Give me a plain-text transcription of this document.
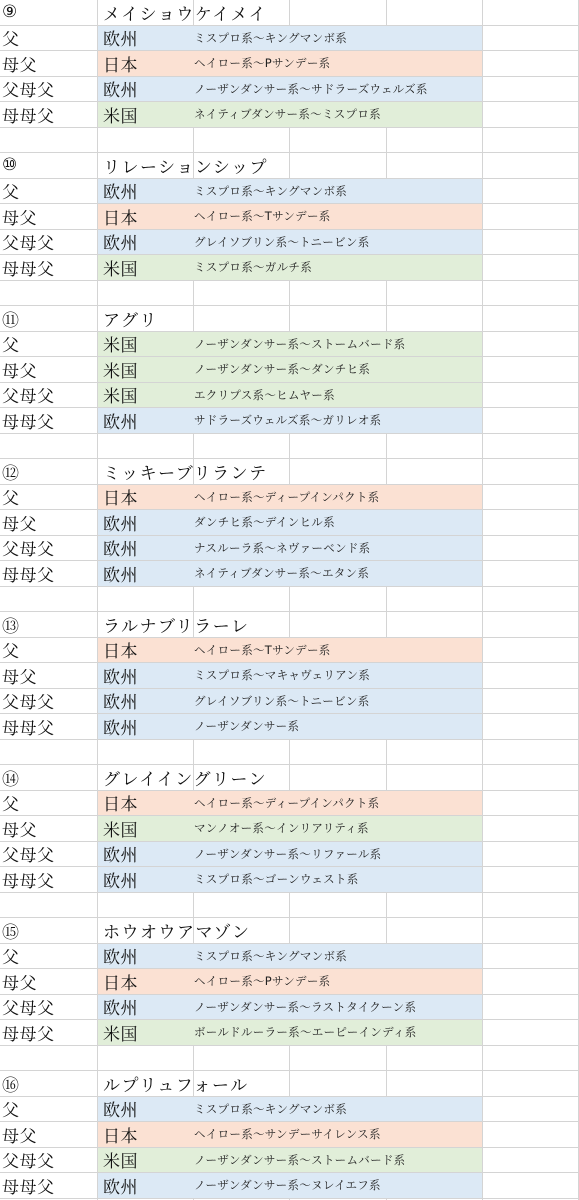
⑨	メイショウケイメイ
父	欧州	ミスプロ系〜キングマンボ系
母父	日本	ヘイロー系〜Pサンデー系
父母父	欧州	ノーザンダンサー系〜サドラーズウェルズ系
母母父	米国	ネイティブダンサー系〜ミスプロ系
⑩	リレーションシップ
父	欧州	ミスプロ系〜キングマンボ系
母父	日本	ヘイロー系〜Tサンデー系
父母父	欧州	グレイソブリン系〜トニービン系
母母父	米国	ミスプロ系〜ガルチ系
⑪	アグリ
父	米国	ノーザンダンサー系〜ストームバード系
母父	米国	ノーザンダンサー系〜ダンチヒ系
父母父	米国	エクリプス系〜ヒムヤー系
母母父	欧州	サドラーズウェルズ系〜ガリレオ系
⑫	ミッキーブリランテ
父	日本	ヘイロー系〜ディープインパクト系
母父	欧州	ダンチヒ系〜デインヒル系
父母父	欧州	ナスルーラ系〜ネヴァーベンド系
母母父	欧州	ネイティブダンサー系〜エタン系
⑬	ラルナブリラーレ
父	日本	ヘイロー系〜Tサンデー系
母父	欧州	ミスプロ系〜マキャヴェリアン系
父母父	欧州	グレイソブリン系〜トニービン系
母母父	欧州	ノーザンダンサー系
⑭	グレイイングリーン
父	日本	ヘイロー系〜ディープインパクト系
母父	米国	マンノオー系〜インリアリティ系
父母父	欧州	ノーザンダンサー系〜リファール系
母母父	欧州	ミスプロ系〜ゴーンウェスト系
⑮	ホウオウアマゾン
父	欧州	ミスプロ系〜キングマンボ系
母父	日本	ヘイロー系〜Pサンデー系
父母父	欧州	ノーザンダンサー系〜ラストタイクーン系
母母父	米国	ボールドルーラー系〜エーピーインディ系
⑯	ルプリュフォール
父	欧州	ミスプロ系〜キングマンボ系
母父	日本	ヘイロー系〜サンデーサイレンス系
父母父	米国	ノーザンダンサー系〜ストームバード系
母母父	欧州	ノーザンダンサー系〜ヌレイエフ系
